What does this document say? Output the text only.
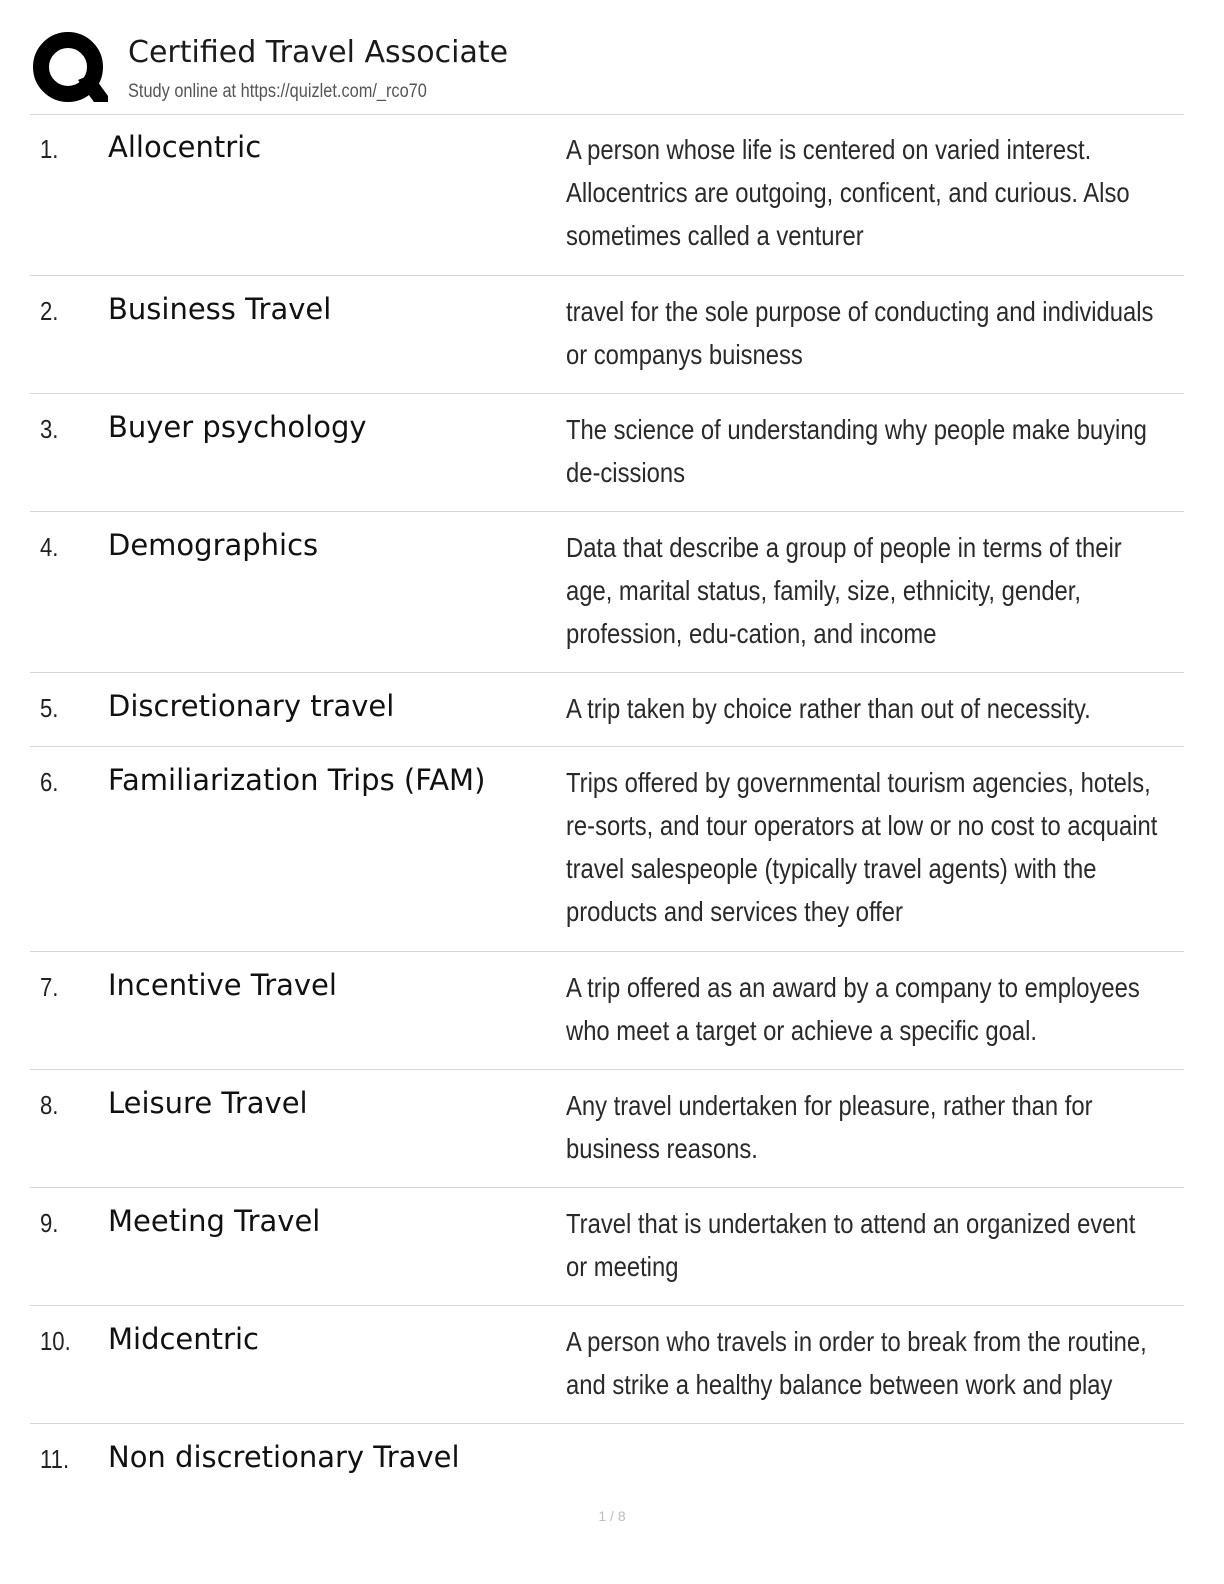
Certified Travel Associate
Study online at https://quizlet.com/_rco70
1. Allocentric	A person whose life is centered on varied interest. Allocentrics are outgoing, conficent, and curious. Also sometimes called a venturer
2. Business Travel	travel for the sole purpose of conducting and individuals or companys buisness
3. Buyer psychology	The science of understanding why people make buying de-cissions
4. Demographics	Data that describe a group of people in terms of their age, marital status, family, size, ethnicity, gender, profession, edu-cation, and income
5. Discretionary travel	A trip taken by choice rather than out of necessity.
6. Familiarization Trips (FAM)	Trips offered by governmental tourism agencies, hotels, re-sorts, and tour operators at low or no cost to acquaint travel salespeople (typically travel agents) with the products and services they offer
7. Incentive Travel	A trip offered as an award by a company to employees who meet a target or achieve a specific goal.
8. Leisure Travel	Any travel undertaken for pleasure, rather than for business reasons.
9. Meeting Travel	Travel that is undertaken to attend an organized event or meeting
10. Midcentric	A person who travels in order to break from the routine, and strike a healthy balance between work and play
11. Non discretionary Travel
1 / 8
